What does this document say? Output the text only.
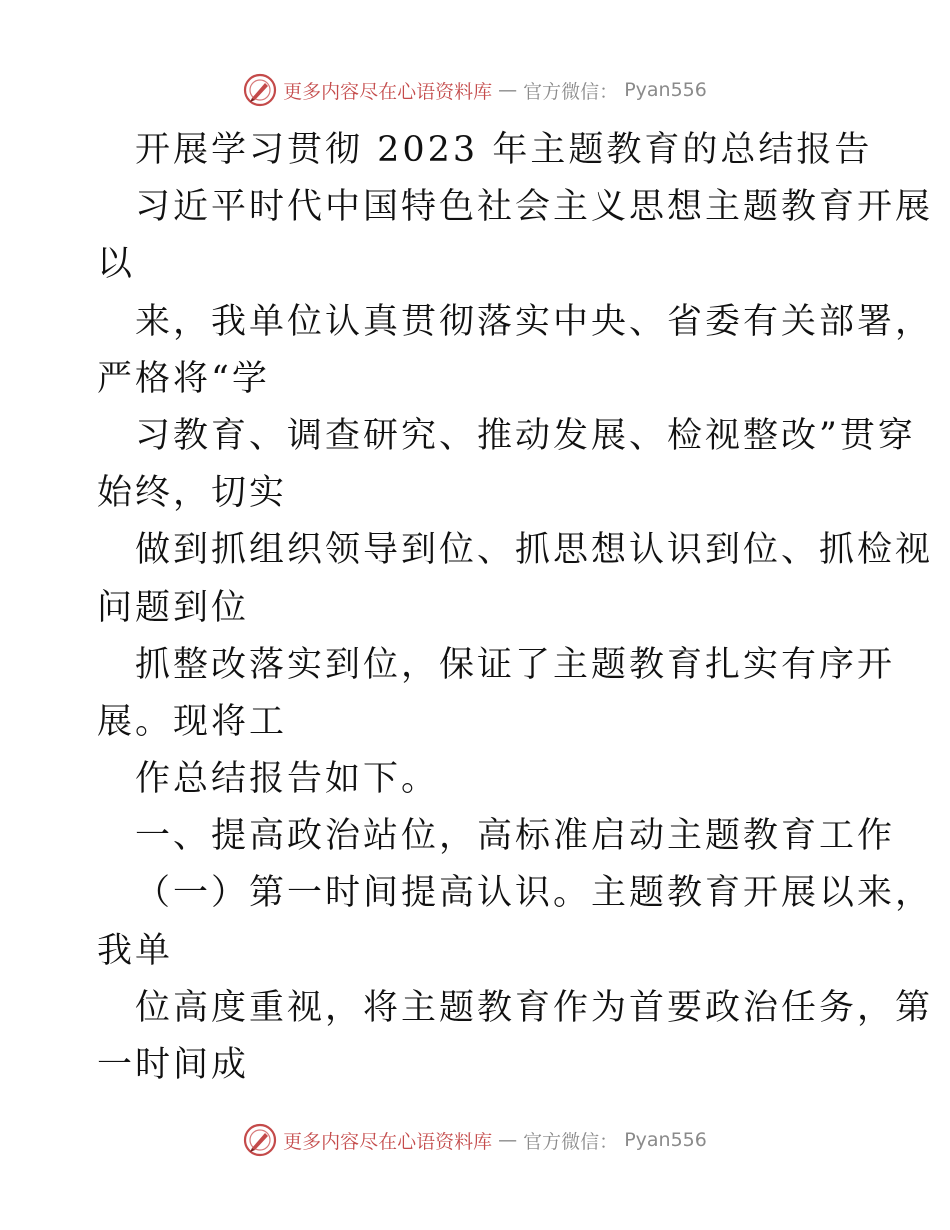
更多内容尽在心语资料库 — 官方微信： Pyan556
开展学习贯彻 2023 年主题教育的总结报告
习近平时代中国特色社会主义思想主题教育开展
以
来，我单位认真贯彻落实中央、省委有关部署，
严格将“学
习教育、调查研究、推动发展、检视整改”贯穿
始终，切实
做到抓组织领导到位、抓思想认识到位、抓检视
问题到位
抓整改落实到位，保证了主题教育扎实有序开
展。现将工
作总结报告如下。
一、提高政治站位，高标准启动主题教育工作
（一）第一时间提高认识。主题教育开展以来，
我单
位高度重视，将主题教育作为首要政治任务，第
一时间成
更多内容尽在心语资料库 — 官方微信： Pyan556
